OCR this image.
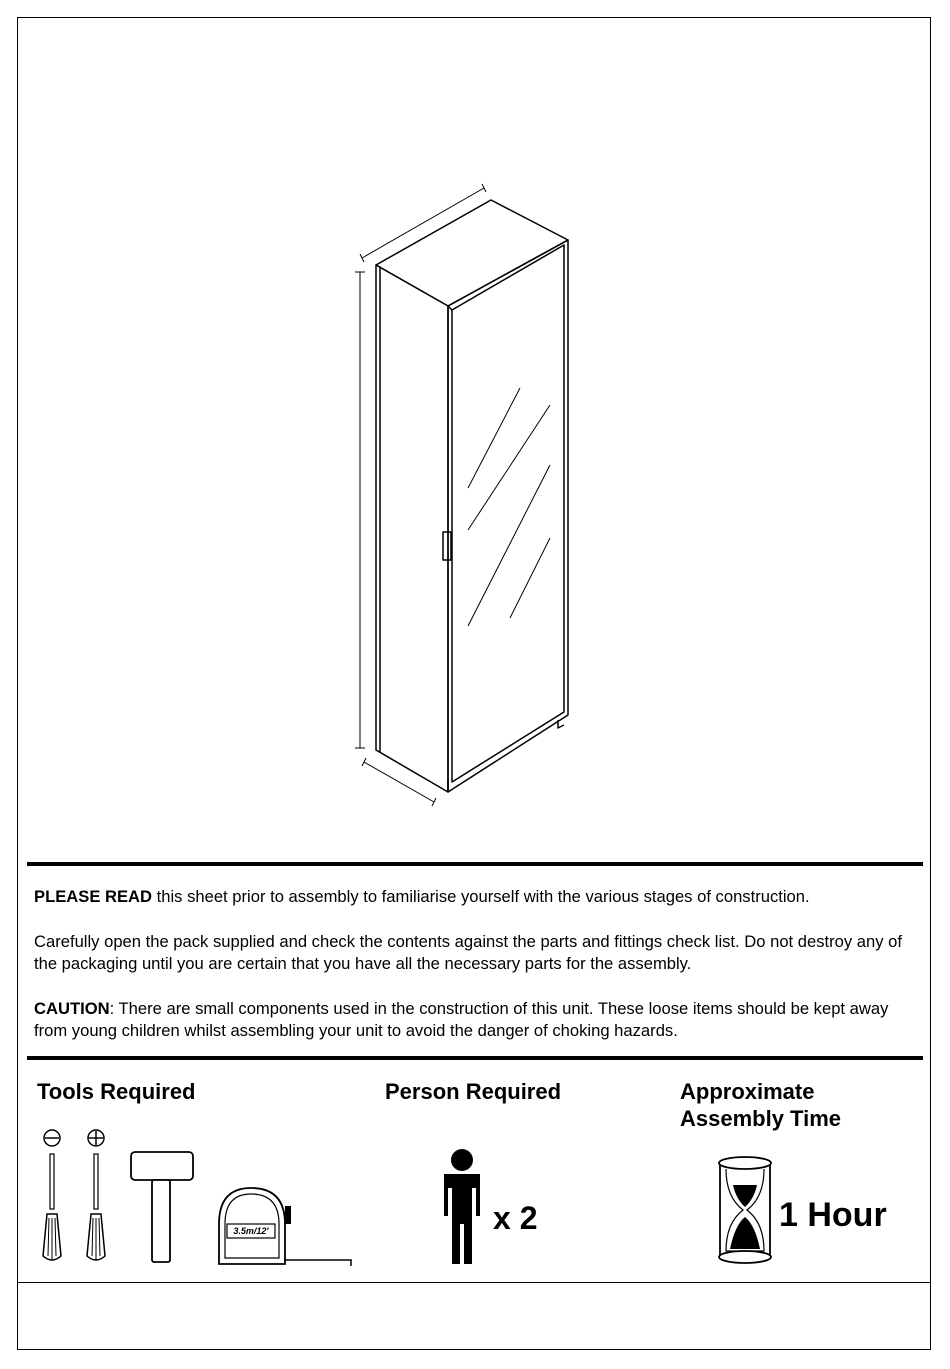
PLEASE READ this sheet prior to assembly to familiarise yourself with the various stages of construction.

Carefully open the pack supplied and check the contents against the parts and fittings check list. Do not destroy any of the packaging until you are certain that you have all the necessary parts for the assembly.

CAUTION: There are small components used in the construction of this unit. These loose items should be kept away from young children whilst assembling your unit to avoid the danger of choking hazards.

Tools Required
3.5m/12'
Person Required
x 2
Approximate
Assembly Time
1 Hour
